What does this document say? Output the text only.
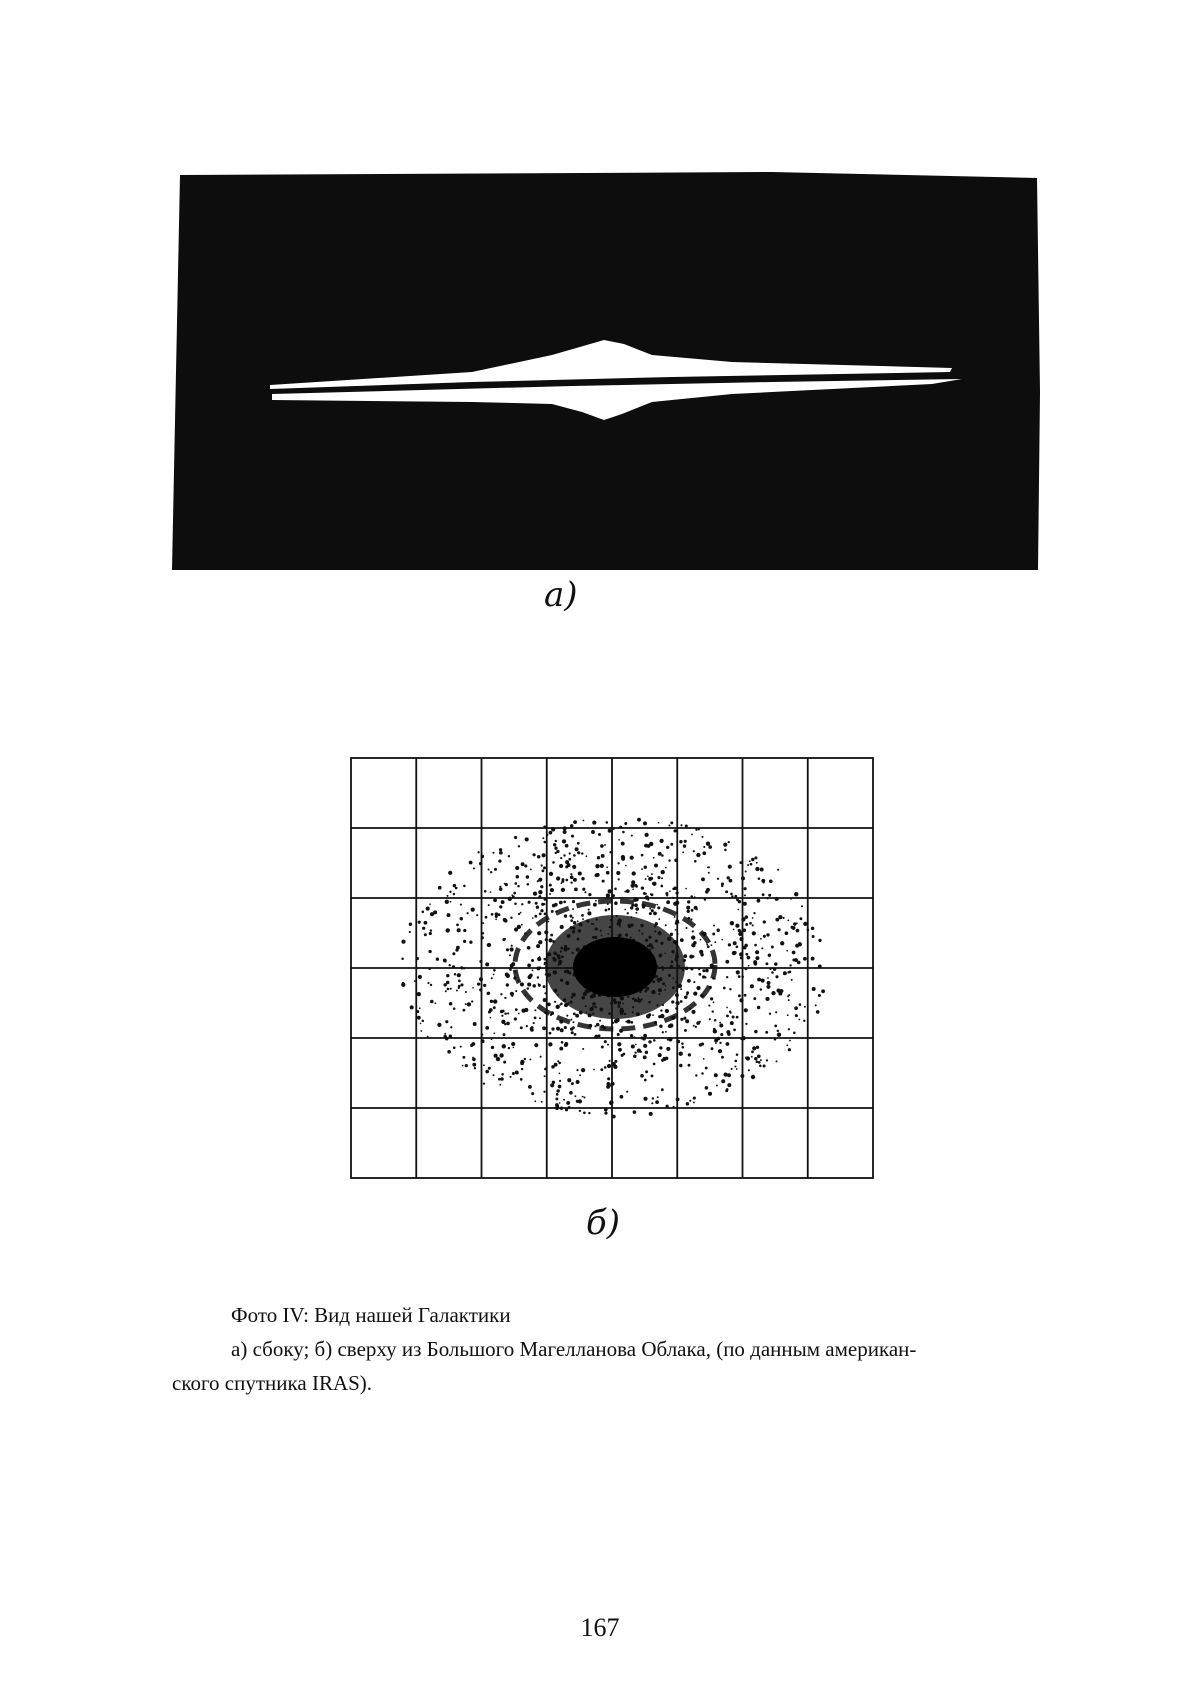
а)
б)

Фото IV: Вид нашей Галактики

а) сбоку; б) сверху из Большого Магелланова Облака, (по данным американ-

ского спутника IRAS).

167
